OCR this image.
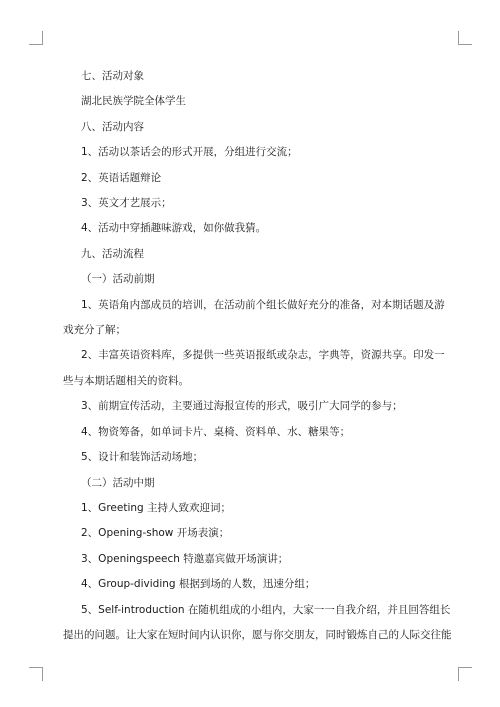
七、活动对象
湖北民族学院全体学生
八、活动内容
1、活动以茶话会的形式开展，分组进行交流；
2、英语话题辩论
3、英文才艺展示；
4、活动中穿插趣味游戏，如你做我猜。
九、活动流程
（一）活动前期
1、英语角内部成员的培训，在活动前个组长做好充分的准备，对本期话题及游
戏充分了解；
2、丰富英语资料库，多提供一些英语报纸或杂志，字典等，资源共享。印发一
些与本期话题相关的资料。
3、前期宣传活动，主要通过海报宣传的形式，吸引广大同学的参与；
4、物资筹备，如单词卡片、桌椅、资料单、水、糖果等；
5、设计和装饰活动场地；
（二）活动中期
1、Greeting 主持人致欢迎词；
2、Opening-show 开场表演；
3、Openingspeech 特邀嘉宾做开场演讲；
4、Group-dividing 根据到场的人数，迅速分组；
5、Self-introduction 在随机组成的小组内，大家一一自我介绍，并且回答组长
提出的问题。让大家在短时间内认识你，愿与你交朋友，同时锻炼自己的人际交往能
